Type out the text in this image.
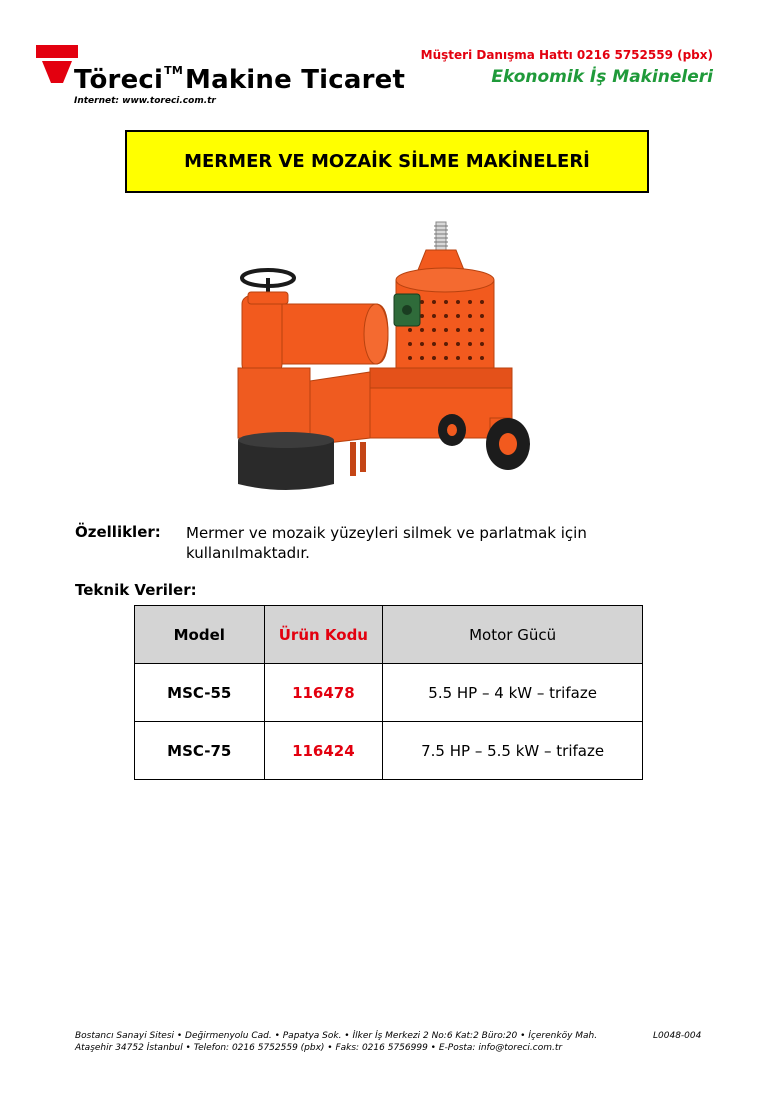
Töreci™Makine Ticaret
Internet: www.toreci.com.tr
Müşteri Danışma Hattı 0216 5752559 (pbx)
Ekonomik İş Makineleri
MERMER VE MOZAİK SİLME MAKİNELERİ
Özellikler: Mermer ve mozaik yüzeyleri silmek ve parlatmak için kullanılmaktadır.
Teknik Veriler:
Model	Ürün Kodu	Motor Gücü
MSC-55	116478	5.5 HP – 4 kW – trifaze
MSC-75	116424	7.5 HP – 5.5 kW – trifaze
Bostancı Sanayi Sitesi • Değirmenyolu Cad. • Papatya Sok. • İlker İş Merkezi 2 No:6 Kat:2 Büro:20 • İçerenköy Mah.
Ataşehir 34752 İstanbul • Telefon: 0216 5752559 (pbx) • Faks: 0216 5756999 • E-Posta: info@toreci.com.tr
L0048-004
